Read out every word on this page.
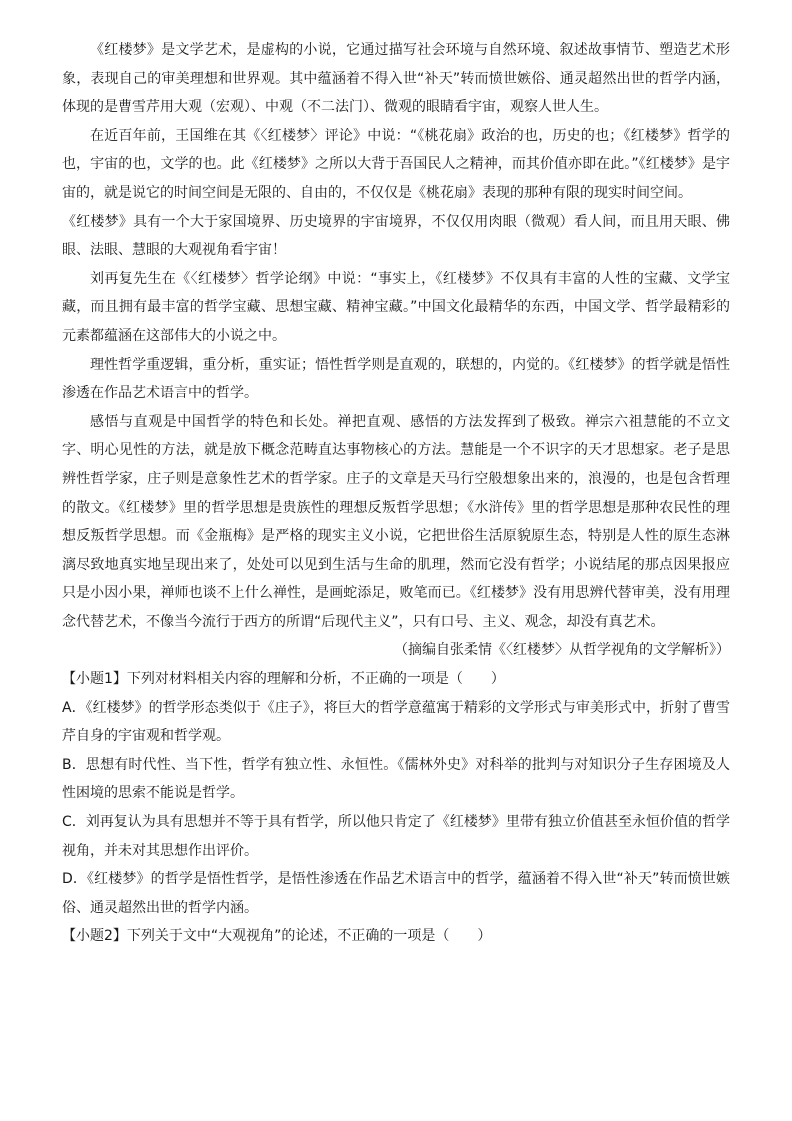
《红楼梦》是文学艺术，是虚构的小说，它通过描写社会环境与自然环境、叙述故事情节、塑造艺术形象，表现自己的审美理想和世界观。其中蕴涵着不得入世“补天”转而愤世嫉俗、通灵超然出世的哲学内涵，体现的是曹雪芹用大观（宏观）、中观（不二法门）、微观的眼睛看宇宙，观察人世人生。

在近百年前，王国维在其《〈红楼梦〉评论》中说：“《桃花扇》政治的也，历史的也；《红楼梦》哲学的也，宇宙的也，文学的也。此《红楼梦》之所以大背于吾国民人之精神，而其价值亦即在此。”《红楼梦》是宇宙的，就是说它的时间空间是无限的、自由的，不仅仅是《桃花扇》表现的那种有限的现实时间空间。

《红楼梦》具有一个大于家国境界、历史境界的宇宙境界，不仅仅用肉眼（微观）看人间，而且用天眼、佛眼、法眼、慧眼的大观视角看宇宙！

刘再复先生在《〈红楼梦〉哲学论纲》中说：“事实上，《红楼梦》不仅具有丰富的人性的宝藏、文学宝藏，而且拥有最丰富的哲学宝藏、思想宝藏、精神宝藏。”中国文化最精华的东西，中国文学、哲学最精彩的元素都蕴涵在这部伟大的小说之中。

理性哲学重逻辑，重分析，重实证；悟性哲学则是直观的，联想的，内觉的。《红楼梦》的哲学就是悟性渗透在作品艺术语言中的哲学。

感悟与直观是中国哲学的特色和长处。禅把直观、感悟的方法发挥到了极致。禅宗六祖慧能的不立文字、明心见性的方法，就是放下概念范畴直达事物核心的方法。慧能是一个不识字的天才思想家。老子是思辨性哲学家，庄子则是意象性艺术的哲学家。庄子的文章是天马行空般想象出来的，浪漫的，也是包含哲理的散文。《红楼梦》里的哲学思想是贵族性的理想反叛哲学思想；《水浒传》里的哲学思想是那种农民性的理想反叛哲学思想。而《金瓶梅》是严格的现实主义小说，它把世俗生活原貌原生态，特别是人性的原生态淋漓尽致地真实地呈现出来了，处处可以见到生活与生命的肌理，然而它没有哲学；小说结尾的那点因果报应只是小因小果，禅师也谈不上什么禅性，是画蛇添足，败笔而已。《红楼梦》没有用思辨代替审美，没有用理念代替艺术，不像当今流行于西方的所谓“后现代主义”，只有口号、主义、观念，却没有真艺术。

（摘编自张柔情《〈红楼梦〉从哲学视角的文学解析》）

【小题1】下列对材料相关内容的理解和分析，不正确的一项是（　　）

A．《红楼梦》的哲学形态类似于《庄子》，将巨大的哲学意蕴寓于精彩的文学形式与审美形式中，折射了曹雪芹自身的宇宙观和哲学观。

B．思想有时代性、当下性，哲学有独立性、永恒性。《儒林外史》对科举的批判与对知识分子生存困境及人性困境的思索不能说是哲学。

C．刘再复认为具有思想并不等于具有哲学，所以他只肯定了《红楼梦》里带有独立价值甚至永恒价值的哲学视角，并未对其思想作出评价。

D．《红楼梦》的哲学是悟性哲学，是悟性渗透在作品艺术语言中的哲学，蕴涵着不得入世“补天”转而愤世嫉俗、通灵超然出世的哲学内涵。

【小题2】下列关于文中“大观视角”的论述，不正确的一项是（　　）
